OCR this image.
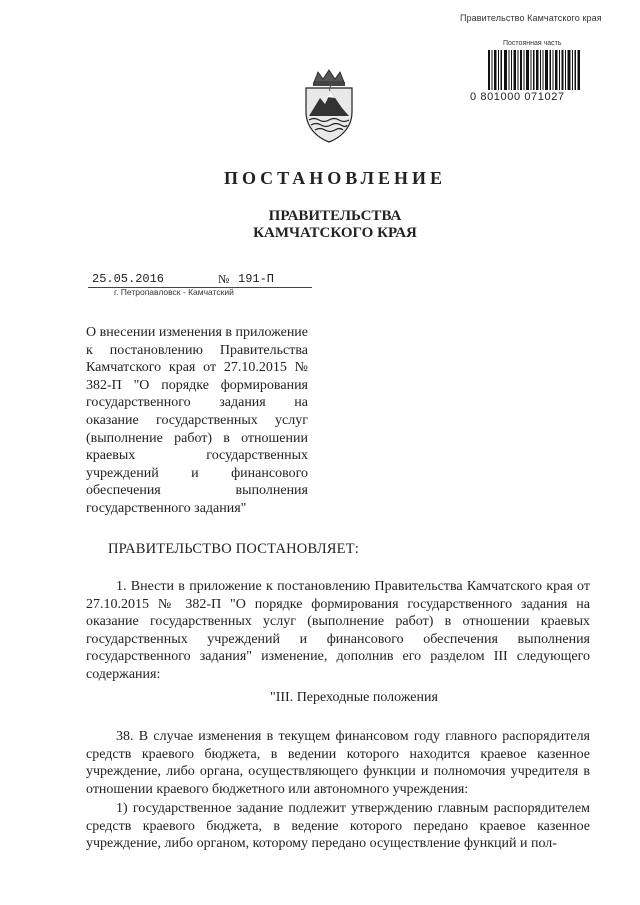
Правительство Камчатского края
Постоянная часть
0 801000 071027
ПОСТАНОВЛЕНИЕ
ПРАВИТЕЛЬСТВА
КАМЧАТСКОГО КРАЯ
25.05.2016	№ 191-П
г. Петропавловск - Камчатский
О внесении изменения в приложение к постановлению Правительства Камчатского края от 27.10.2015 № 382-П "О порядке формирования государственного задания на оказание государственных услуг (выполнение работ) в отношении краевых государственных учреждений и финансового обеспечения выполнения государственного задания"
ПРАВИТЕЛЬСТВО ПОСТАНОВЛЯЕТ:
1. Внести в приложение к постановлению Правительства Камчатского края от 27.10.2015 № 382-П "О порядке формирования государственного задания на оказание государственных услуг (выполнение работ) в отношении краевых государственных учреждений и финансового обеспечения выполнения государственного задания" изменение, дополнив его разделом III следующего содержания:
"III. Переходные положения
38. В случае изменения в текущем финансовом году главного распорядителя средств краевого бюджета, в ведении которого находится краевое казенное учреждение, либо органа, осуществляющего функции и полномочия учредителя в отношении краевого бюджетного или автономного учреждения:
1) государственное задание подлежит утверждению главным распорядителем средств краевого бюджета, в ведение которого передано краевое казенное учреждение, либо органом, которому передано осуществление функций и пол-
